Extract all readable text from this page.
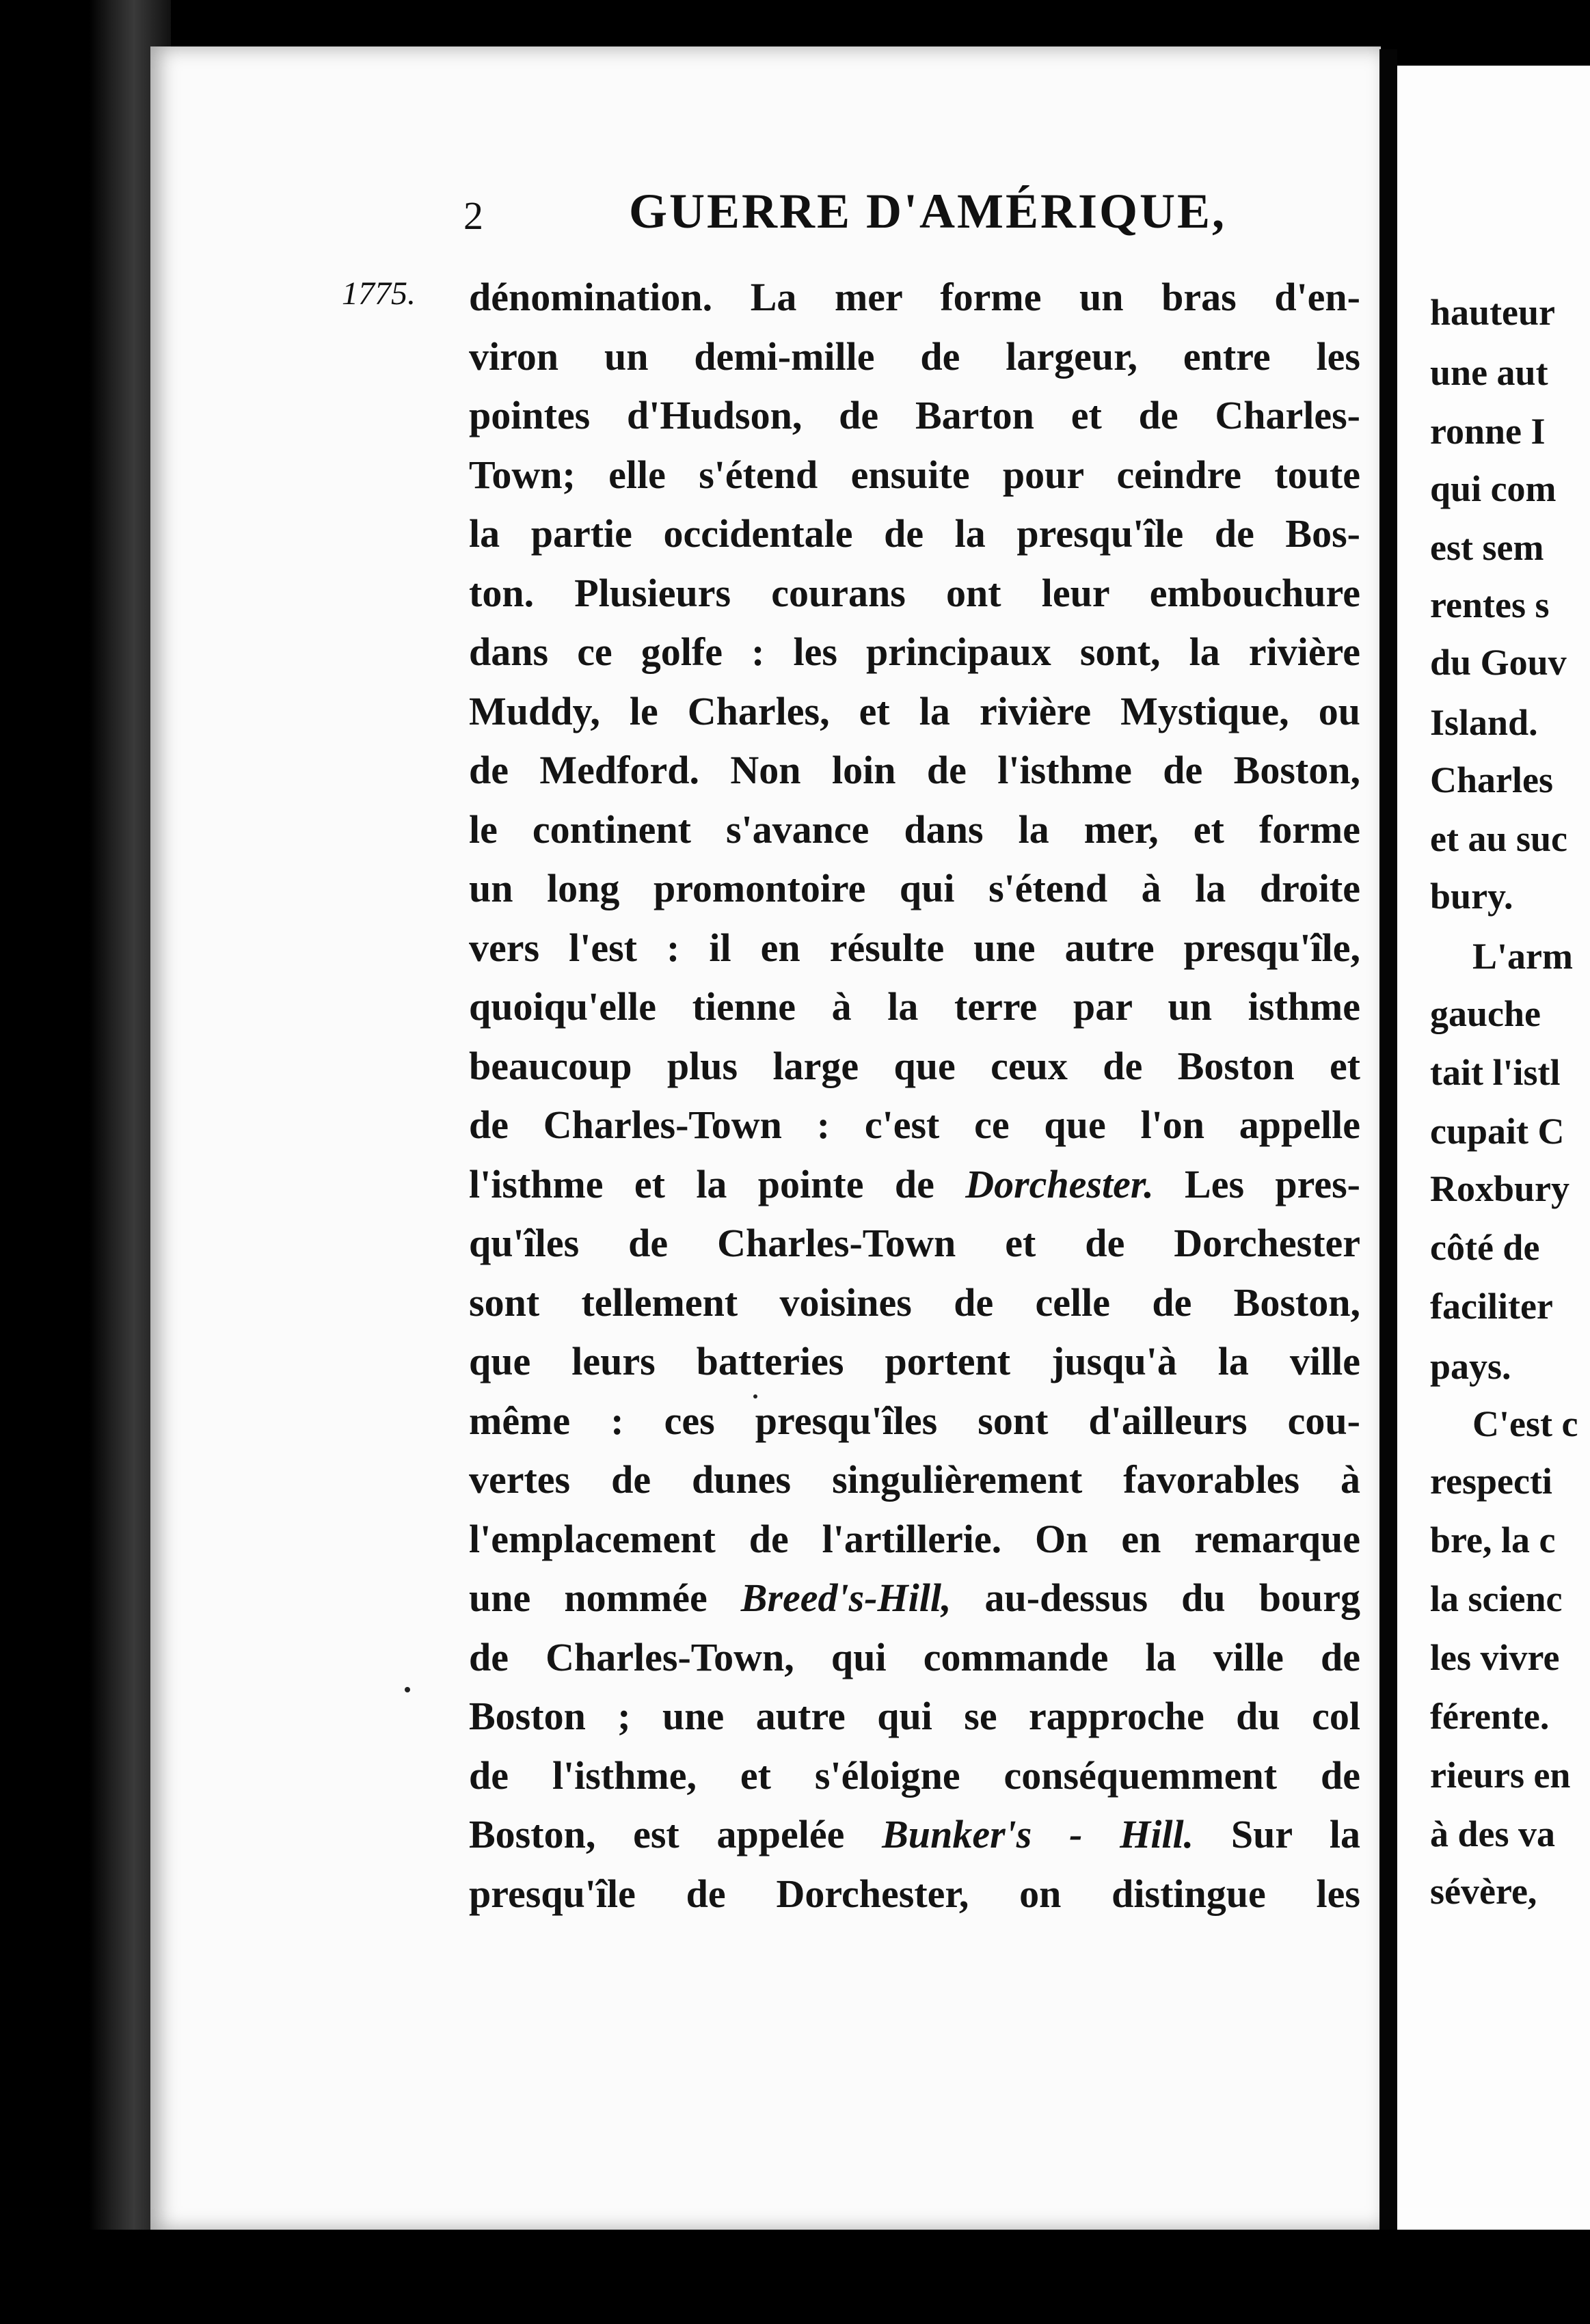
2	GUERRE D'AMÉRIQUE,
1775. dénomination. La mer forme un bras d'en-
viron un demi-mille de largeur, entre les
pointes d'Hudson, de Barton et de Charles-
Town; elle s'étend ensuite pour ceindre toute
la partie occidentale de la presqu'île de Bos-
ton. Plusieurs courans ont leur embouchure
dans ce golfe : les principaux sont, la rivière
Muddy, le Charles, et la rivière Mystique, ou
de Medford. Non loin de l'isthme de Boston,
le continent s'avance dans la mer, et forme
un long promontoire qui s'étend à la droite
vers l'est : il en résulte une autre presqu'île,
quoiqu'elle tienne à la terre par un isthme
beaucoup plus large que ceux de Boston et
de Charles-Town : c'est ce que l'on appelle
l'isthme et la pointe de Dorchester. Les pres-
qu'îles de Charles-Town et de Dorchester
sont tellement voisines de celle de Boston,
que leurs batteries portent jusqu'à la ville
même : ces presqu'îles sont d'ailleurs cou-
vertes de dunes singulièrement favorables à
l'emplacement de l'artillerie. On en remarque
une nommée Breed's-Hill, au-dessus du bourg
de Charles-Town, qui commande la ville de
Boston ; une autre qui se rapproche du col
de l'isthme, et s'éloigne conséquemment de
Boston, est appelée Bunker's - Hill. Sur la
presqu'île de Dorchester, on distingue les
hauteur
une aut
ronne I
qui com
est sem
rentes s
du Gouv
Island.
Charles
et au suc
bury.
L'arm
gauche
tait l'istl
cupait C
Roxbury
côté de
faciliter
pays.
C'est c
respecti
bre, la c
la scienc
les vivre
férente.
rieurs en
à des va
sévère,
